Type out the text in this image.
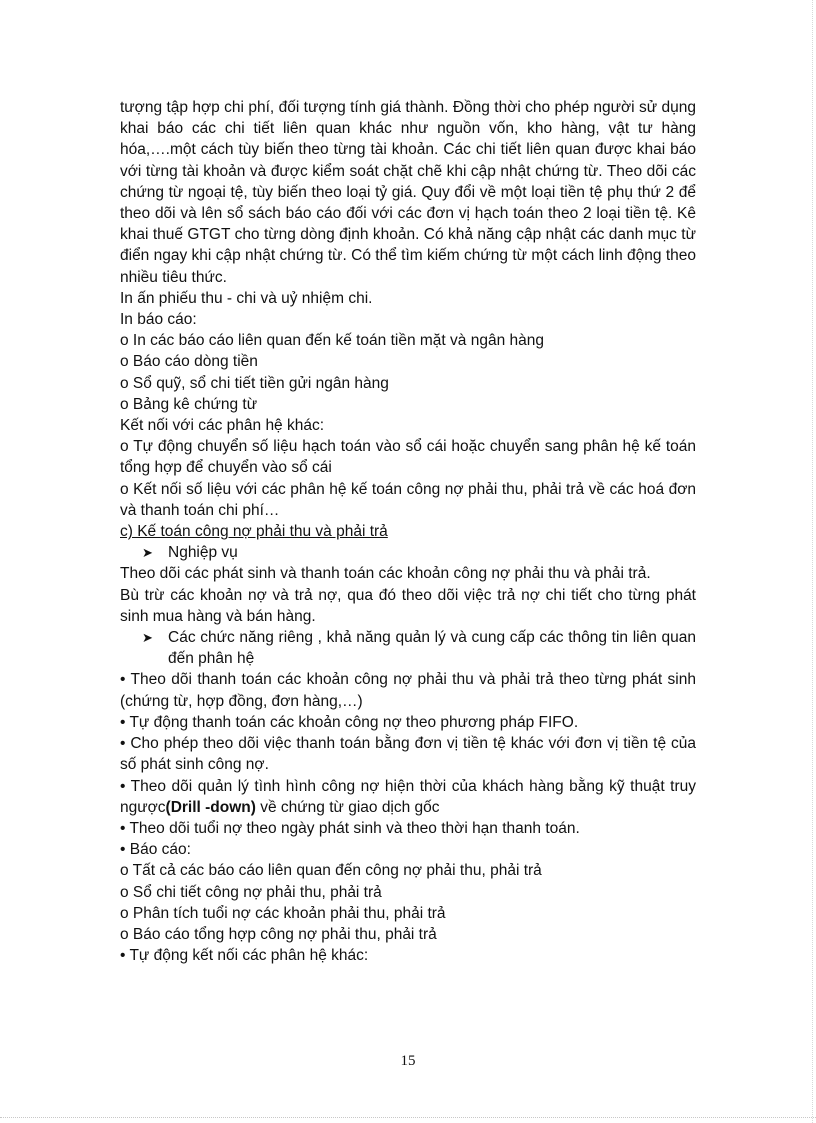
tượng tập hợp chi phí, đối tượng tính giá thành. Đồng thời cho phép người sử dụng khai báo các chi tiết liên quan khác như nguồn vốn, kho hàng, vật tư hàng hóa,….một cách tùy biến theo từng tài khoản. Các chi tiết liên quan được khai báo với từng tài khoản và được kiểm soát chặt chẽ khi cập nhật chứng từ. Theo dõi các chứng từ ngoại tệ, tùy biến theo loại tỷ giá. Quy đổi về một loại tiền tệ phụ thứ 2 để theo dõi và lên sổ sách báo cáo đối với các đơn vị hạch toán theo 2 loại tiền tệ. Kê khai thuế GTGT cho từng dòng định khoản. Có khả năng cập nhật các danh mục từ điển ngay khi cập nhật chứng từ. Có thể tìm kiếm chứng từ một cách linh động theo nhiều tiêu thức.

In ấn phiếu thu - chi và uỷ nhiệm chi.

In báo cáo:

o In các báo cáo liên quan đến kế toán tiền mặt và ngân hàng

o Báo cáo dòng tiền

o Sổ quỹ, sổ chi tiết tiền gửi ngân hàng

o Bảng kê chứng từ

Kết nối với các phân hệ khác:

o Tự động chuyển số liệu hạch toán vào sổ cái hoặc chuyển sang phân hệ kế toán tổng hợp để chuyển vào sổ cái

o Kết nối số liệu với các phân hệ kế toán công nợ phải thu, phải trả về các hoá đơn và thanh toán chi phí…

c) Kế toán công nợ phải thu và phải trả

➤ Nghiệp vụ

Theo dõi các phát sinh và thanh toán các khoản công nợ phải thu và phải trả.

Bù trừ các khoản nợ và trả nợ, qua đó theo dõi việc trả nợ chi tiết cho từng phát sinh mua hàng và bán hàng.

➤ Các chức năng riêng , khả năng quản lý và cung cấp các thông tin liên quan đến phân hệ

• Theo dõi thanh toán các khoản công nợ phải thu và phải trả theo từng phát sinh (chứng từ, hợp đồng, đơn hàng,…)

• Tự động thanh toán các khoản công nợ theo phương pháp FIFO.

• Cho phép theo dõi việc thanh toán bằng đơn vị tiền tệ khác với đơn vị tiền tệ của số phát sinh công nợ.

• Theo dõi quản lý tình hình công nợ hiện thời của khách hàng bằng kỹ thuật truy ngược(Drill -down) về chứng từ giao dịch gốc

• Theo dõi tuổi nợ theo ngày phát sinh và theo thời hạn thanh toán.

• Báo cáo:

o Tất cả các báo cáo liên quan đến công nợ phải thu, phải trả

o Sổ chi tiết công nợ phải thu, phải trả

o Phân tích tuổi nợ các khoản phải thu, phải trả

o Báo cáo tổng hợp công nợ phải thu, phải trả

• Tự động kết nối các phân hệ khác:

15
